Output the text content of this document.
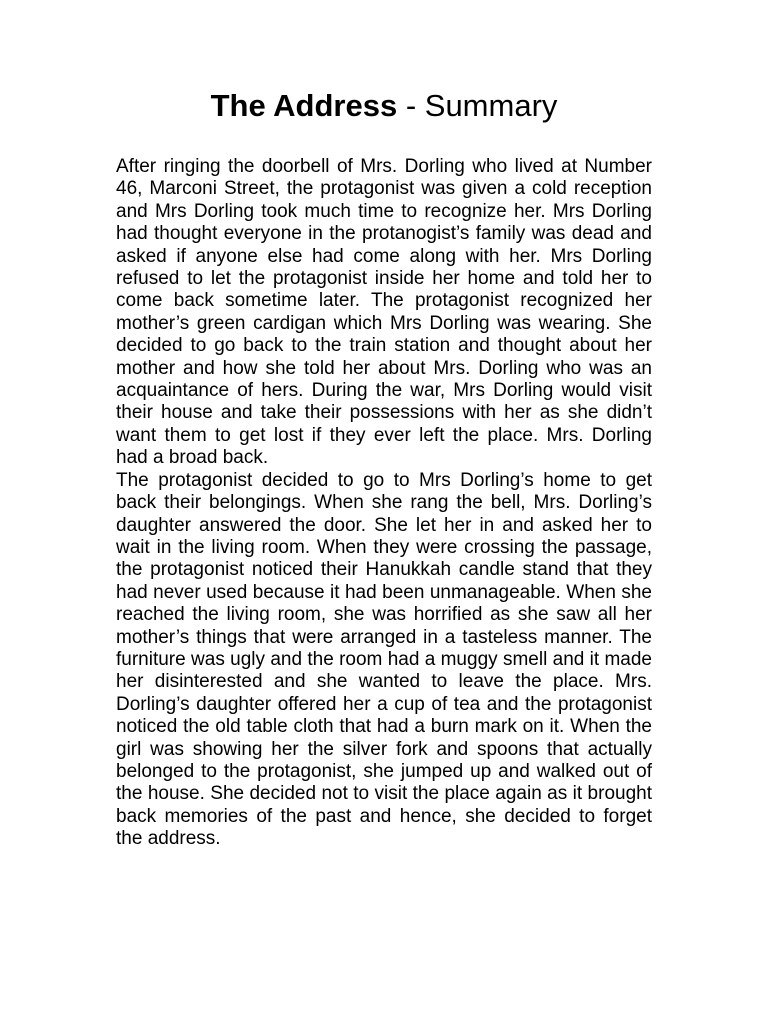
The Address - Summary

After ringing the doorbell of Mrs. Dorling who lived at Number 46, Marconi Street, the protagonist was given a cold reception and Mrs Dorling took much time to recognize her. Mrs Dorling had thought everyone in the protanogist’s family was dead and asked if anyone else had come along with her. Mrs Dorling refused to let the protagonist inside her home and told her to come back sometime later. The protagonist recognized her mother’s green cardigan which Mrs Dorling was wearing. She decided to go back to the train station and thought about her mother and how she told her about Mrs. Dorling who was an acquaintance of hers. During the war, Mrs Dorling would visit their house and take their possessions with her as she didn’t want them to get lost if they ever left the place. Mrs. Dorling had a broad back.

The protagonist decided to go to Mrs Dorling’s home to get back their belongings. When she rang the bell, Mrs. Dorling’s daughter answered the door. She let her in and asked her to wait in the living room. When they were crossing the passage, the protagonist noticed their Hanukkah candle stand that they had never used because it had been unmanageable. When she reached the living room, she was horrified as she saw all her mother’s things that were arranged in a tasteless manner. The furniture was ugly and the room had a muggy smell and it made her disinterested and she wanted to leave the place. Mrs. Dorling’s daughter offered her a cup of tea and the protagonist noticed the old table cloth that had a burn mark on it. When the girl was showing her the silver fork and spoons that actually belonged to the protagonist, she jumped up and walked out of the house. She decided not to visit the place again as it brought back memories of the past and hence, she decided to forget the address.
